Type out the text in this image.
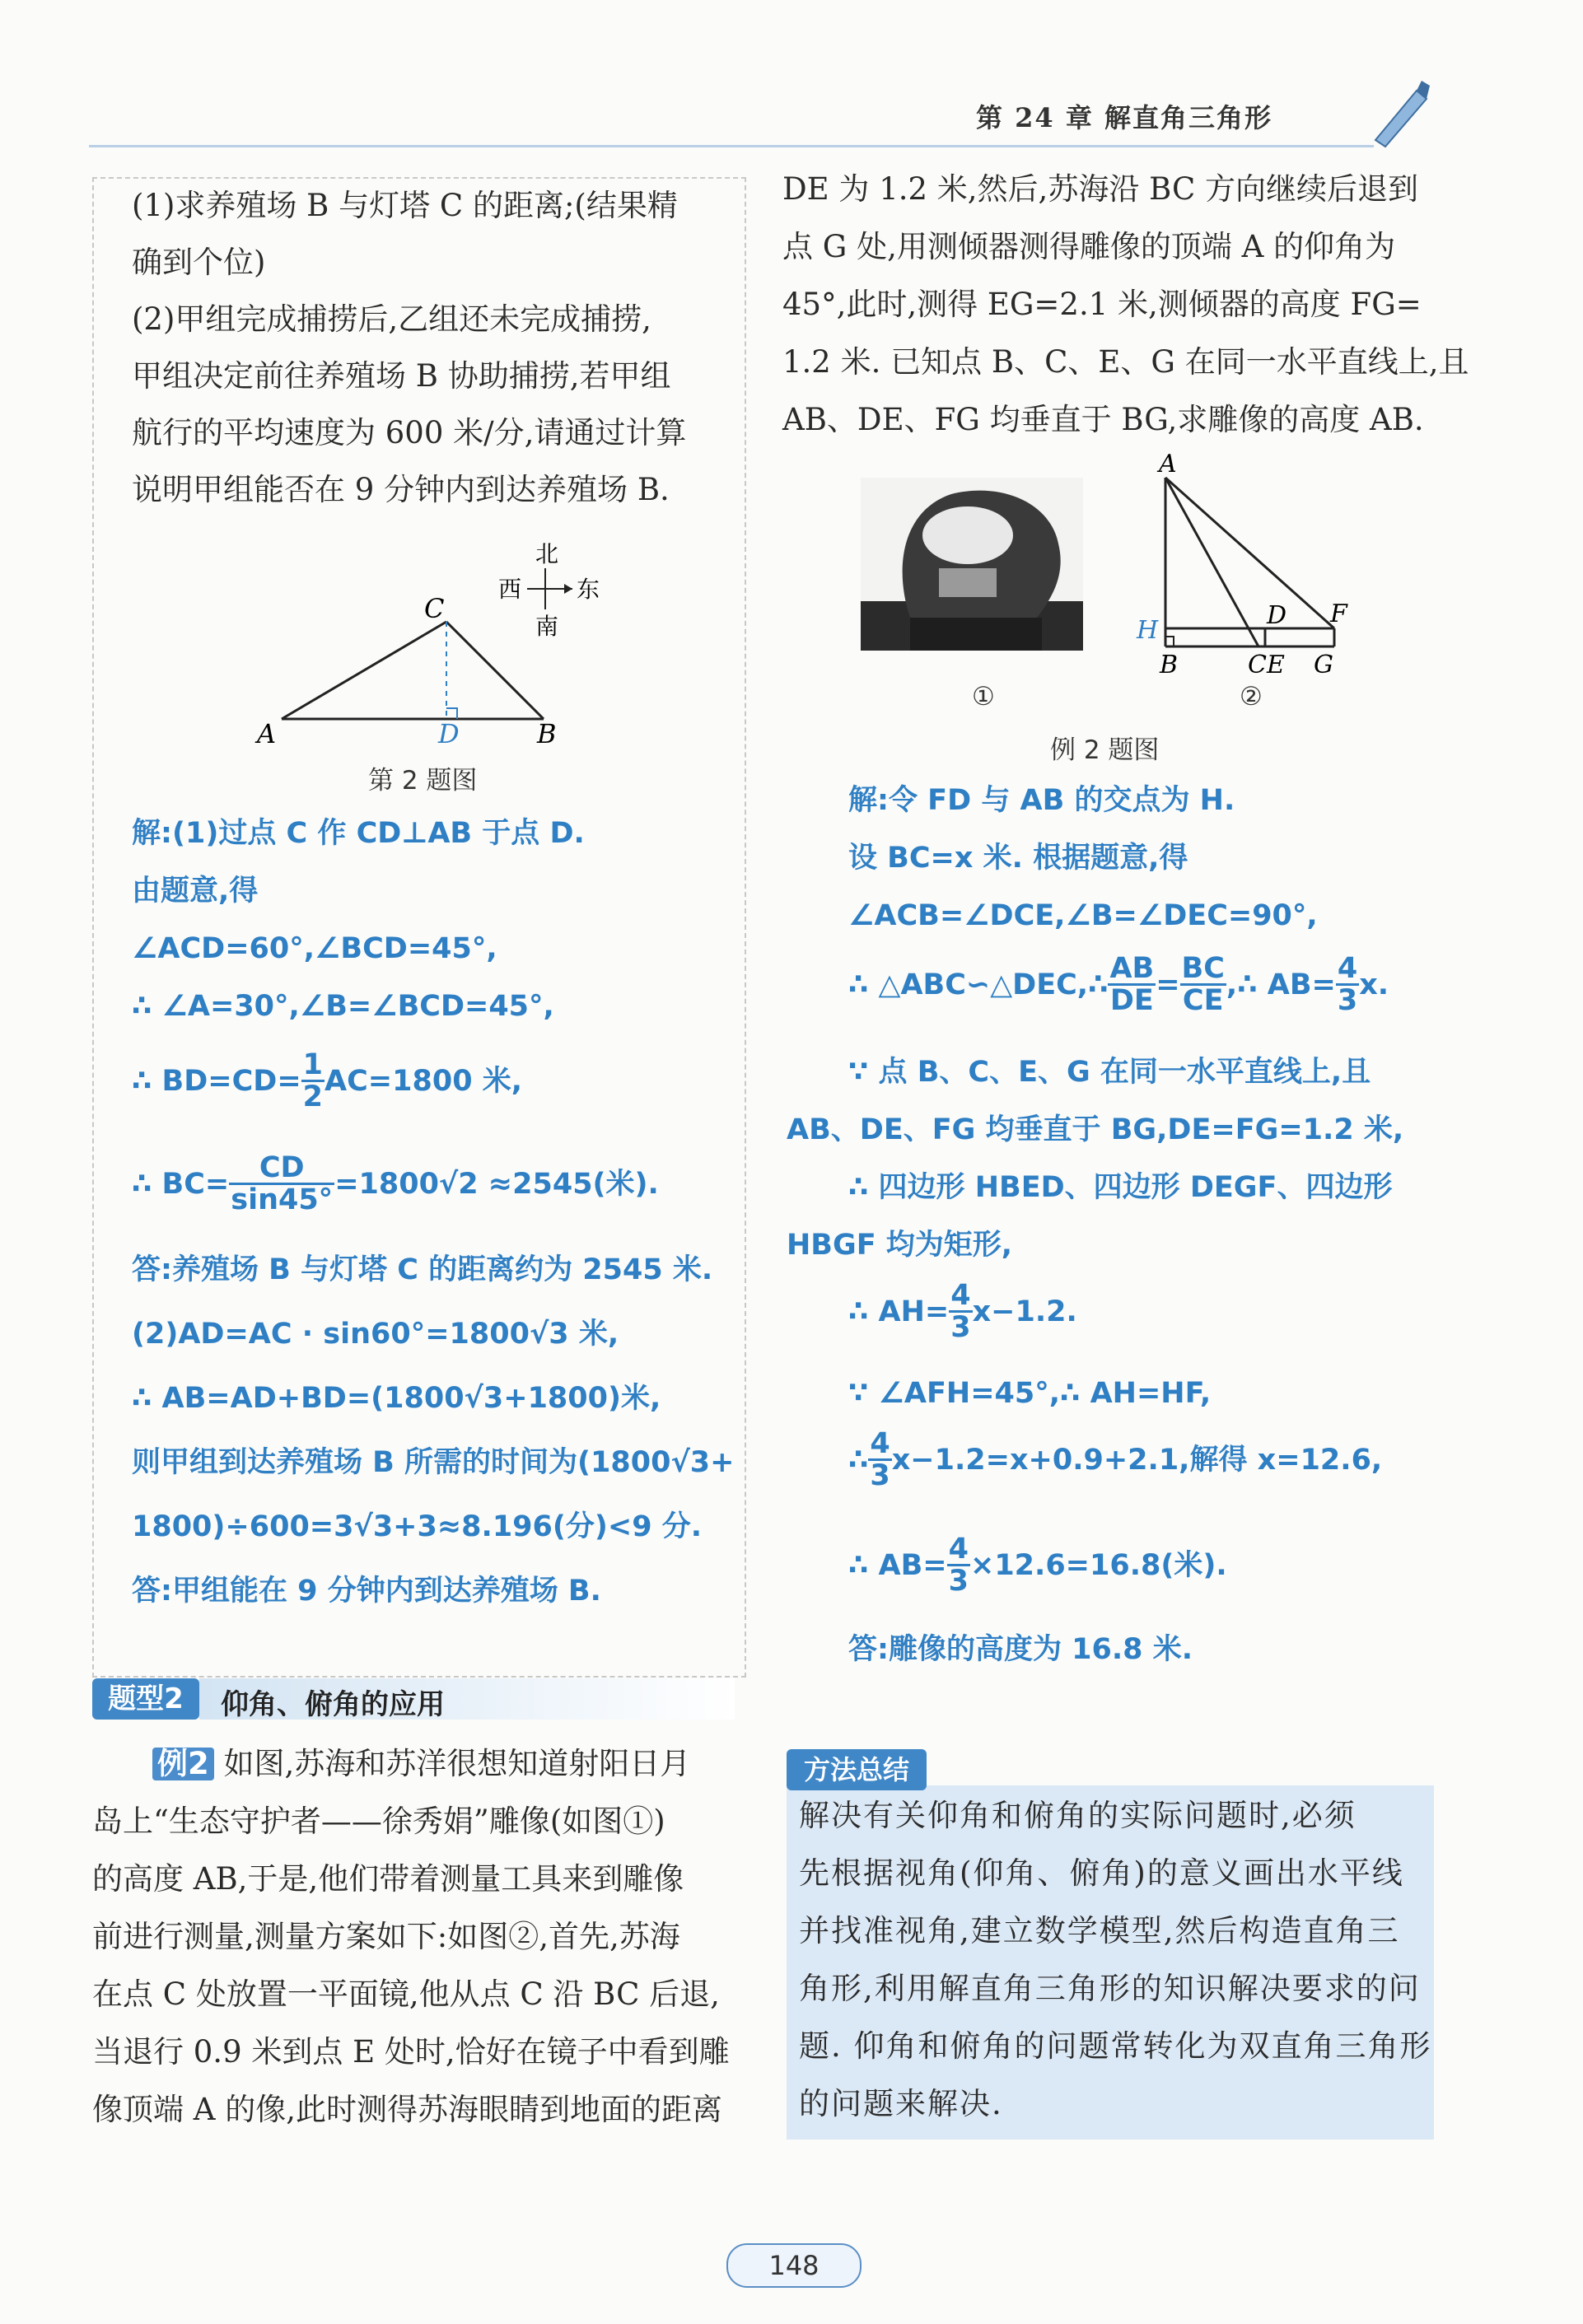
第 24 章 解直角三角形
(1)求养殖场 B 与灯塔 C 的距离;(结果精
确到个位)
(2)甲组完成捕捞后,乙组还未完成捕捞,
甲组决定前往养殖场 B 协助捕捞,若甲组
航行的平均速度为 600 米/分,请通过计算
说明甲组能否在 9 分钟内到达养殖场 B.
A	B
C
D
北
西 东
南
第 2 题图
解:(1)过点 C 作 CD⊥AB 于点 D.
由题意,得
∠ACD=60°,∠BCD=45°,
∴ ∠A=30°,∠B=∠BCD=45°,
∴ $BD=CD= \frac{1}{2} AC=1800$ 米,
∴ $BC= \frac{CD}{\sin 45^\circ} =1800√2 \approx 2545$(米).
答:养殖场 B 与灯塔 C 的距离约为 2545 米.
(2)AD=AC · sin60°=1800√3 米,
∴ AB=AD+BD=(1800√3+1800)米,
则甲组到达养殖场 B 所需的时间为(1800√3+
1800)÷600=3√3+3≈8.196(分)<9 分.
答:甲组能在 9 分钟内到达养殖场 B.
题型2	仰角、俯角的应用
例2 如图,苏海和苏洋很想知道射阳日月
岛上“生态守护者——徐秀娟”雕像(如图①)
的高度 AB,于是,他们带着测量工具来到雕像
前进行测量,测量方案如下:如图②,首先,苏海
在点 C 处放置一平面镜,他从点 C 沿 BC 后退,
当退行 0.9 米到点 E 处时,恰好在镜子中看到雕
像顶端 A 的像,此时测得苏海眼睛到地面的距离
DE 为 1.2 米,然后,苏海沿 BC 方向继续后退到
点 G 处,用测倾器测得雕像的顶端 A 的仰角为
45°,此时,测得 EG=2.1 米,测倾器的高度 FG=
1.2 米. 已知点 B、C、E、G 在同一水平直线上,且
AB、DE、FG 均垂直于 BG,求雕像的高度 AB.
A
B	CE G
D F
H
①	②
例 2 题图
解:令 FD 与 AB 的交点为 H.
设 BC=x 米. 根据题意,得
∠ACB=∠DCE,∠B=∠DEC=90°,
∴ △ABC∽△DEC,∴ $\frac{AB}{DE} = \frac{BC}{CE}$ ,∴ $AB= \frac{4}{3} x$.
∵ 点 B、C、E、G 在同一水平直线上,且
AB、DE、FG 均垂直于 BG,DE=FG=1.2 米,
∴ 四边形 HBED、四边形 DEGF、四边形
HBGF 均为矩形,
∴ $AH= \frac{4}{3} x-1.2$.
∵ ∠AFH=45°,∴ AH=HF,
∴ $\frac{4}{3} x-1.2=x+0.9+2.1$,解得 x=12.6,
∴ $AB= \frac{4}{3} \times 12.6=16.8$(米).
答:雕像的高度为 16.8 米.
方法总结
解决有关仰角和俯角的实际问题时,必须
先根据视角(仰角、俯角)的意义画出水平线
并找准视角,建立数学模型,然后构造直角三
角形,利用解直角三角形的知识解决要求的问
题. 仰角和俯角的问题常转化为双直角三角形
的问题来解决.
148
